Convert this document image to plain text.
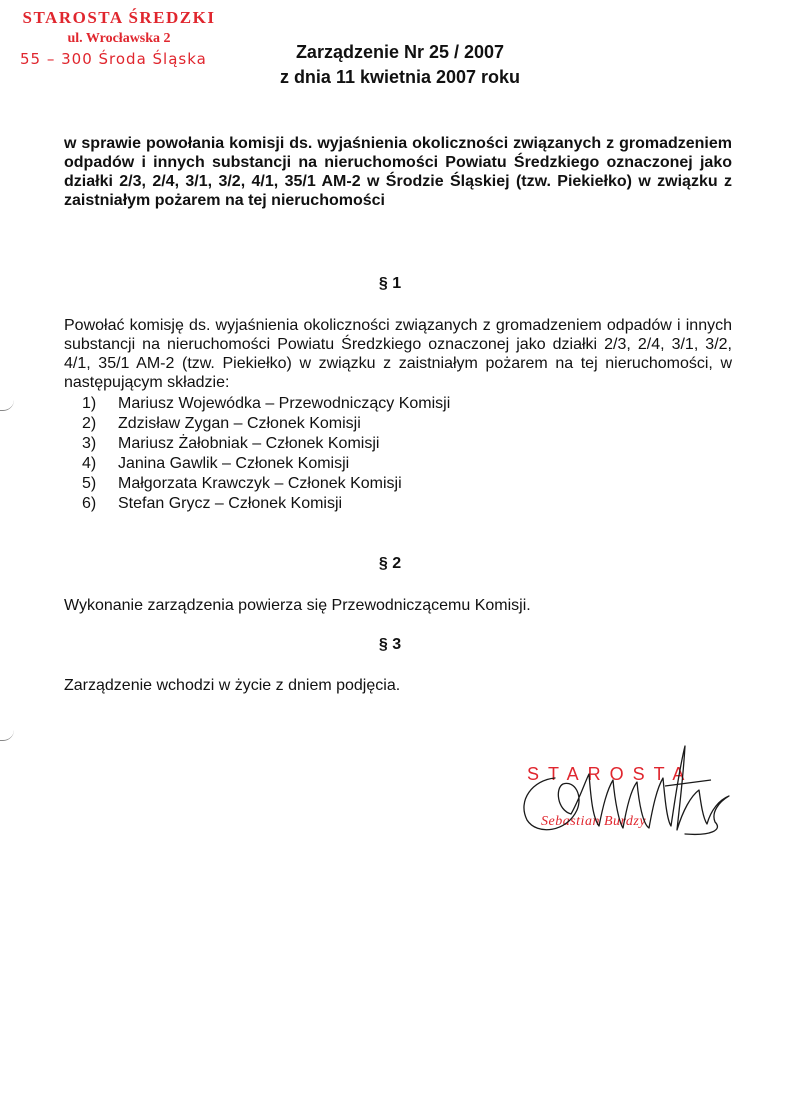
STAROSTA ŚREDZKI
ul. Wrocławska 2
55 – 300 Środa Śląska	Zarządzenie Nr 25 / 2007
z dnia 11 kwietnia 2007 roku

w sprawie powołania komisji ds. wyjaśnienia okoliczności związanych z gromadzeniem odpadów i innych substancji na nieruchomości Powiatu Średzkiego oznaczonej jako działki 2/3, 2/4, 3/1, 3/2, 4/1, 35/1 AM-2 w Środzie Śląskiej (tzw. Piekiełko) w związku z zaistniałym pożarem na tej nieruchomości

§ 1

Powołać komisję ds. wyjaśnienia okoliczności związanych z gromadzeniem odpadów i innych substancji na nieruchomości Powiatu Średzkiego oznaczonej jako działki 2/3, 2/4, 3/1, 3/2, 4/1, 35/1 AM-2 (tzw. Piekiełko) w związku z zaistniałym pożarem na tej nieruchomości, w następującym składzie:

1)	Mariusz Wojewódka – Przewodniczący Komisji
2)	Zdzisław Zygan – Członek Komisji
3)	Mariusz Żałobniak – Członek Komisji
4)	Janina Gawlik – Członek Komisji
5)	Małgorzata Krawczyk – Członek Komisji
6)	Stefan Grycz – Członek Komisji
§ 2

Wykonanie zarządzenia powierza się Przewodniczącemu Komisji.

§ 3

Zarządzenie wchodzi w życie z dniem podjęcia.

STAROSTA
Sebastian Burdzy
